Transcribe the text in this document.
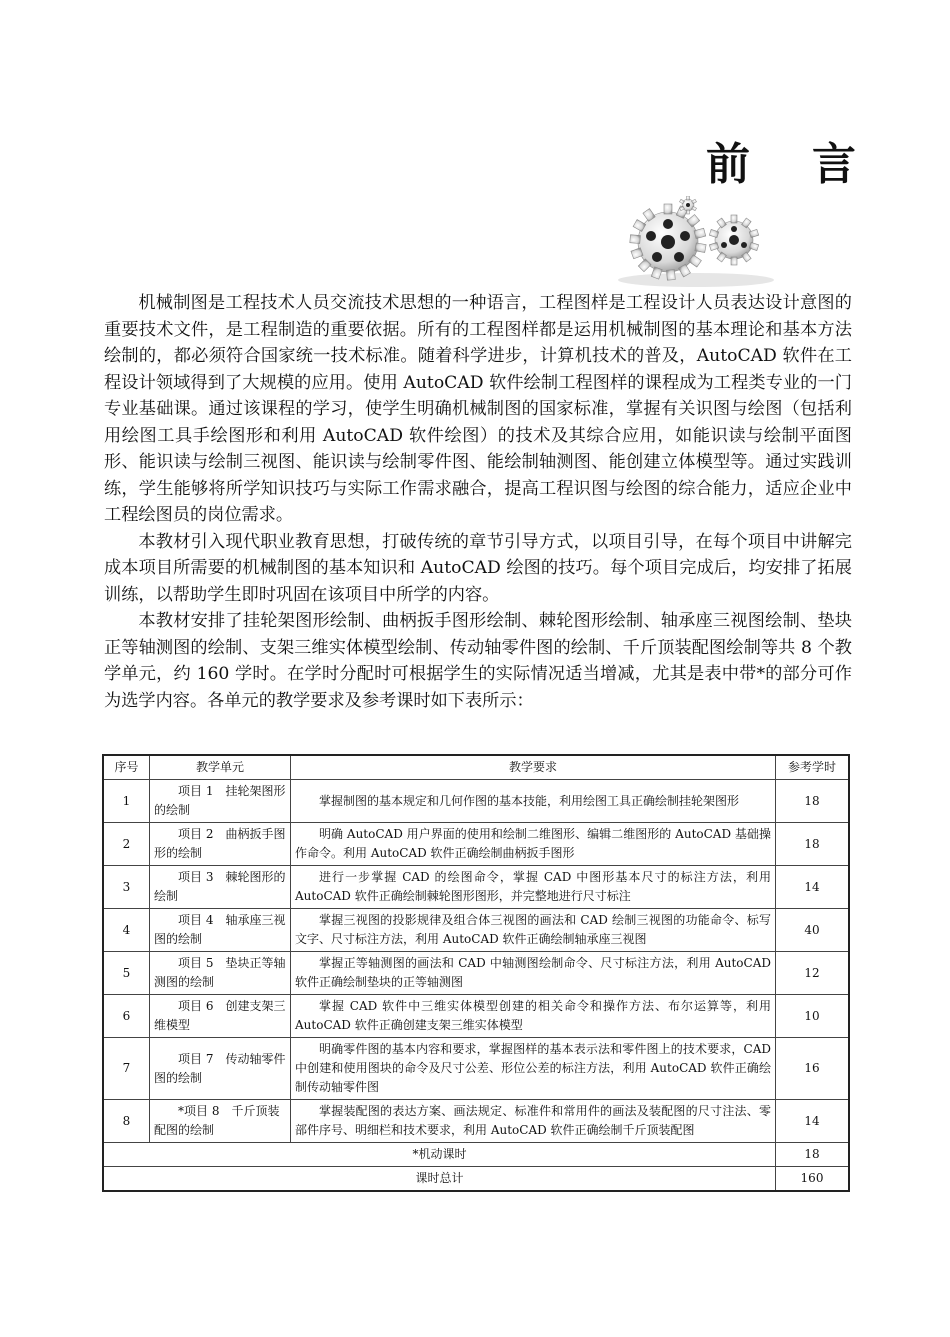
前 言

机械制图是工程技术人员交流技术思想的一种语言，工程图样是工程设计人员表达设计意图的重要技术文件，是工程制造的重要依据。所有的工程图样都是运用机械制图的基本理论和基本方法绘制的，都必须符合国家统一技术标准。随着科学进步，计算机技术的普及，AutoCAD 软件在工程设计领域得到了大规模的应用。使用 AutoCAD 软件绘制工程图样的课程成为工程类专业的一门专业基础课。通过该课程的学习，使学生明确机械制图的国家标准，掌握有关识图与绘图（包括利用绘图工具手绘图形和利用 AutoCAD 软件绘图）的技术及其综合应用，如能识读与绘制平面图形、能识读与绘制三视图、能识读与绘制零件图、能绘制轴测图、能创建立体模型等。通过实践训练，学生能够将所学知识技巧与实际工作需求融合，提高工程识图与绘图的综合能力，适应企业中工程绘图员的岗位需求。

本教材引入现代职业教育思想，打破传统的章节引导方式，以项目引导，在每个项目中讲解完成本项目所需要的机械制图的基本知识和 AutoCAD 绘图的技巧。每个项目完成后，均安排了拓展训练，以帮助学生即时巩固在该项目中所学的内容。

本教材安排了挂轮架图形绘制、曲柄扳手图形绘制、棘轮图形绘制、轴承座三视图绘制、垫块正等轴测图的绘制、支架三维实体模型绘制、传动轴零件图的绘制、千斤顶装配图绘制等共 8 个教学单元，约 160 学时。在学时分配时可根据学生的实际情况适当增减，尤其是表中带*的部分可作为选学内容。各单元的教学要求及参考课时如下表所示：

序号	教学单元	教学要求	参考学时
1	项目 1　挂轮架图形的绘制	掌握制图的基本规定和几何作图的基本技能，利用绘图工具正确绘制挂轮架图形	18
2	项目 2　曲柄扳手图形的绘制	明确 AutoCAD 用户界面的使用和绘制二维图形、编辑二维图形的 AutoCAD 基础操作命令。利用 AutoCAD 软件正确绘制曲柄扳手图形	18
3	项目 3　棘轮图形的绘制	进行一步掌握 CAD 的绘图命令，掌握 CAD 中图形基本尺寸的标注方法，利用 AutoCAD 软件正确绘制棘轮图形图形，并完整地进行尺寸标注	14
4	项目 4　轴承座三视图的绘制	掌握三视图的投影规律及组合体三视图的画法和 CAD 绘制三视图的功能命令、标写文字、尺寸标注方法，利用 AutoCAD 软件正确绘制轴承座三视图	40
5	项目 5　垫块正等轴测图的绘制	掌握正等轴测图的画法和 CAD 中轴测图绘制命令、尺寸标注方法，利用 AutoCAD 软件正确绘制垫块的正等轴测图	12
6	项目 6　创建支架三维模型	掌握 CAD 软件中三维实体模型创建的相关命令和操作方法、布尔运算等，利用 AutoCAD 软件正确创建支架三维实体模型	10
7	项目 7　传动轴零件图的绘制	明确零件图的基本内容和要求，掌握图样的基本表示法和零件图上的技术要求，CAD 中创建和使用图块的命令及尺寸公差、形位公差的标注方法，利用 AutoCAD 软件正确绘制传动轴零件图	16
8	*项目 8　千斤顶装配图的绘制	掌握装配图的表达方案、画法规定、标准件和常用件的画法及装配图的尺寸注法、零部件序号、明细栏和技术要求，利用 AutoCAD 软件正确绘制千斤顶装配图	14
*机动课时			18
课时总计			160
